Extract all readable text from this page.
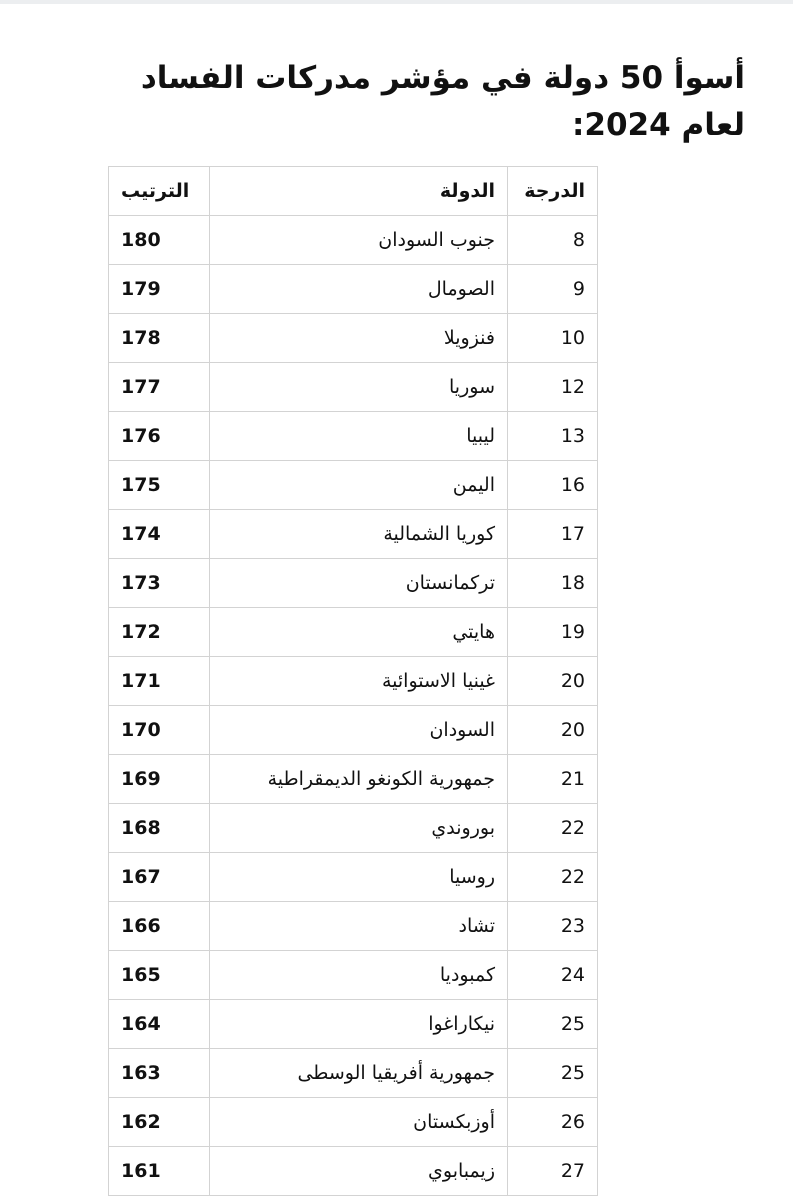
أسوأ 50 دولة في مؤشر مدركات الفساد لعام 2024:
الدرجة	الدولة	الترتيب
8	جنوب السودان	180
9	الصومال	179
10	فنزويلا	178
12	سوريا	177
13	ليبيا	176
16	اليمن	175
17	كوريا الشمالية	174
18	تركمانستان	173
19	هايتي	172
20	غينيا الاستوائية	171
20	السودان	170
21	جمهورية الكونغو الديمقراطية	169
22	بوروندي	168
22	روسيا	167
23	تشاد	166
24	كمبوديا	165
25	نيكاراغوا	164
25	جمهورية أفريقيا الوسطى	163
26	أوزبكستان	162
27	زيمبابوي	161
